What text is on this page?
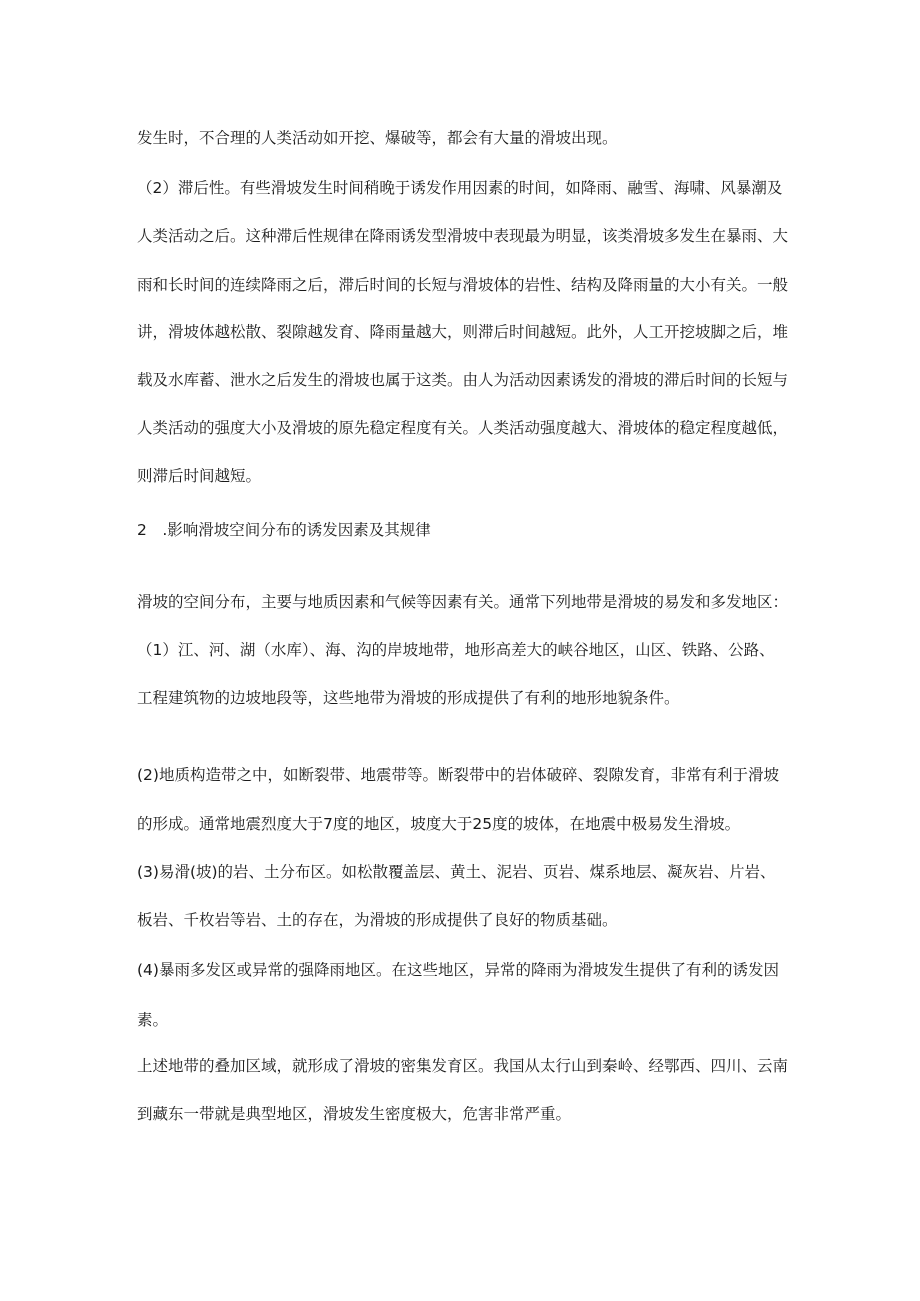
发生时，不合理的人类活动如开挖、爆破等，都会有大量的滑坡出现。

（2）滞后性。有些滑坡发生时间稍晚于诱发作用因素的时间，如降雨、融雪、海啸、风暴潮及

人类活动之后。这种滞后性规律在降雨诱发型滑坡中表现最为明显，该类滑坡多发生在暴雨、大

雨和长时间的连续降雨之后，滞后时间的长短与滑坡体的岩性、结构及降雨量的大小有关。一般

讲，滑坡体越松散、裂隙越发育、降雨量越大，则滞后时间越短。此外，人工开挖坡脚之后，堆

载及水库蓄、泄水之后发生的滑坡也属于这类。由人为活动因素诱发的滑坡的滞后时间的长短与

人类活动的强度大小及滑坡的原先稳定程度有关。人类活动强度越大、滑坡体的稳定程度越低，

则滞后时间越短。

2　.影响滑坡空间分布的诱发因素及其规律

滑坡的空间分布，主要与地质因素和气候等因素有关。通常下列地带是滑坡的易发和多发地区：

（1）江、河、湖（水库）、海、沟的岸坡地带，地形高差大的峡谷地区，山区、铁路、公路、

工程建筑物的边坡地段等，这些地带为滑坡的形成提供了有利的地形地貌条件。

(2)地质构造带之中，如断裂带、地震带等。断裂带中的岩体破碎、裂隙发育，非常有利于滑坡

的形成。通常地震烈度大于7度的地区，坡度大于25度的坡体，在地震中极易发生滑坡。

(3)易滑(坡)的岩、土分布区。如松散覆盖层、黄土、泥岩、页岩、煤系地层、凝灰岩、片岩、

板岩、千枚岩等岩、土的存在，为滑坡的形成提供了良好的物质基础。

(4)暴雨多发区或异常的强降雨地区。在这些地区，异常的降雨为滑坡发生提供了有利的诱发因

素。

上述地带的叠加区域，就形成了滑坡的密集发育区。我国从太行山到秦岭、经鄂西、四川、云南

到藏东一带就是典型地区，滑坡发生密度极大，危害非常严重。
